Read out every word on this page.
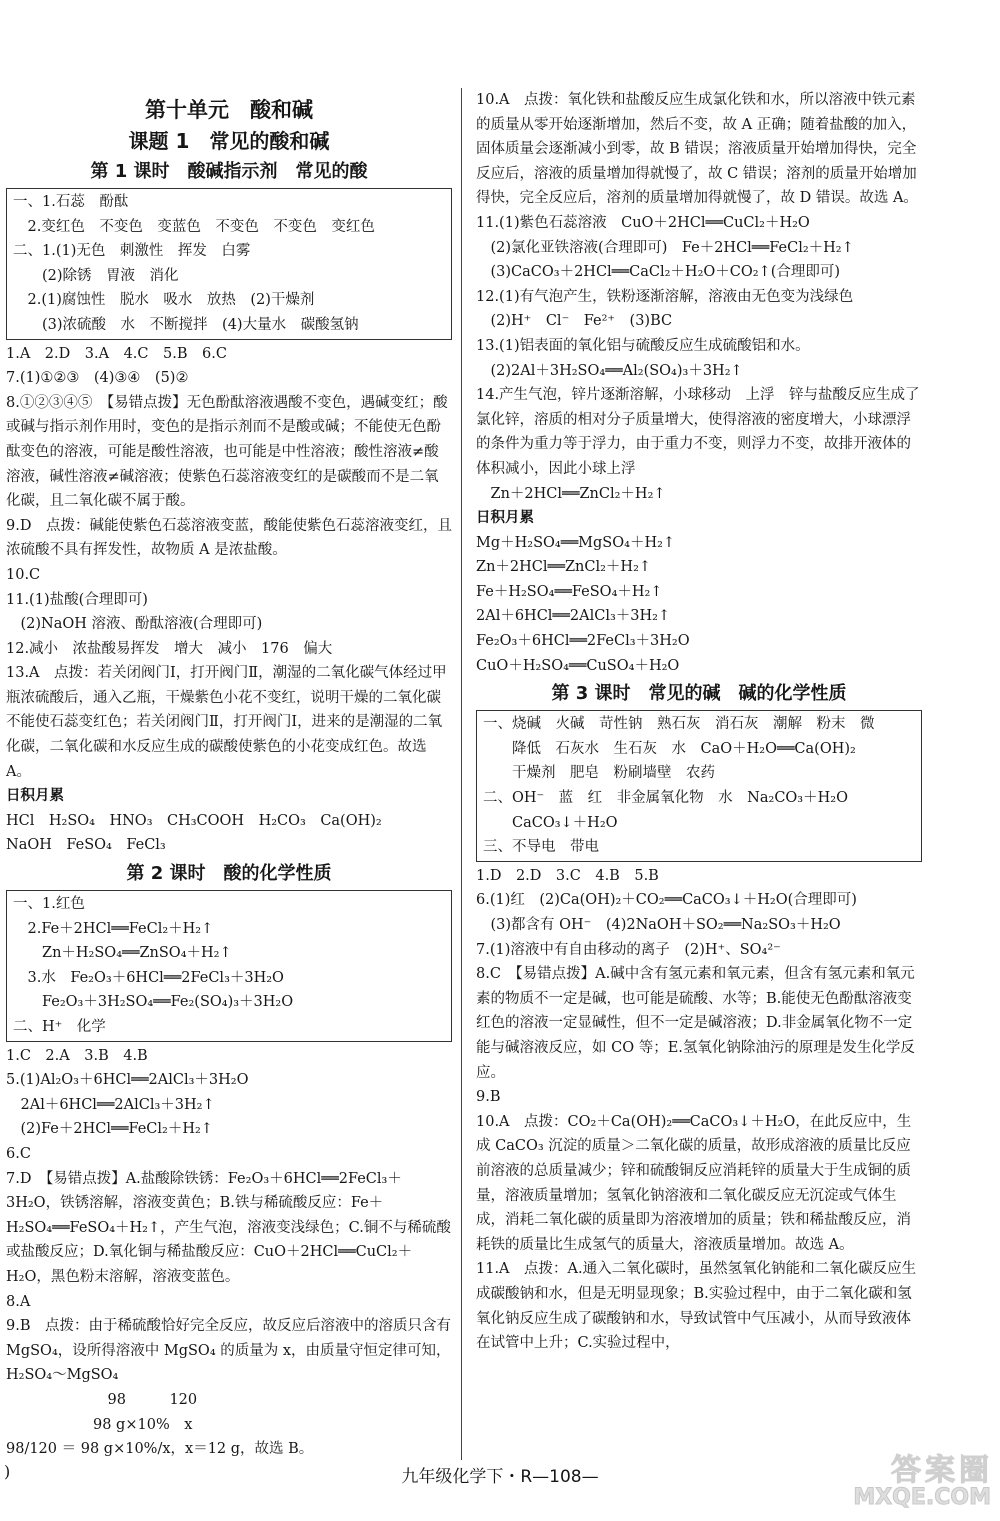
第十单元　酸和碱
课题 1　常见的酸和碱
第 1 课时　酸碱指示剂　常见的酸

一、1.石蕊　酚酞

　2.变红色　不变色　变蓝色　不变色　不变色　变红色

二、1.(1)无色　刺激性　挥发　白雾

　　(2)除锈　胃液　消化

　2.(1)腐蚀性　脱水　吸水　放热　(2)干燥剂

　　(3)浓硫酸　水　不断搅拌　(4)大量水　碳酸氢钠

1.A　2.D　3.A　4.C　5.B　6.C

7.(1)①②③　(4)③④　(5)②

8.①②③④⑤　【易错点拨】无色酚酞溶液遇酸不变色，遇碱变红；酸或碱与指示剂作用时，变色的是指示剂而不是酸或碱；不能使无色酚酞变色的溶液，可能是酸性溶液，也可能是中性溶液；酸性溶液≠酸溶液，碱性溶液≠碱溶液；使紫色石蕊溶液变红的是碳酸而不是二氧化碳，且二氧化碳不属于酸。

9.D　点拨：碱能使紫色石蕊溶液变蓝，酸能使紫色石蕊溶液变红，且浓硫酸不具有挥发性，故物质 A 是浓盐酸。

10.C

11.(1)盐酸(合理即可)

　(2)NaOH 溶液、酚酞溶液(合理即可)

12.减小　浓盐酸易挥发　增大　减小　176　偏大

13.A　点拨：若关闭阀门Ⅰ，打开阀门Ⅱ，潮湿的二氧化碳气体经过甲瓶浓硫酸后，通入乙瓶，干燥紫色小花不变红，说明干燥的二氧化碳不能使石蕊变红色；若关闭阀门Ⅱ，打开阀门Ⅰ，进来的是潮湿的二氧化碳，二氧化碳和水反应生成的碳酸使紫色的小花变成红色。故选 A。

日积月累

HCl　H₂SO₄　HNO₃　CH₃COOH　H₂CO₃　Ca(OH)₂

NaOH　FeSO₄　FeCl₃

第 2 课时　酸的化学性质

一、1.红色

　2.Fe＋2HCl══FeCl₂＋H₂↑

　　Zn＋H₂SO₄══ZnSO₄＋H₂↑

　3.水　Fe₂O₃＋6HCl══2FeCl₃＋3H₂O

　　Fe₂O₃＋3H₂SO₄══Fe₂(SO₄)₃＋3H₂O

二、H⁺　化学

1.C　2.A　3.B　4.B

5.(1)Al₂O₃＋6HCl══2AlCl₃＋3H₂O

　2Al＋6HCl══2AlCl₃＋3H₂↑

　(2)Fe＋2HCl══FeCl₂＋H₂↑

6.C

7.D　【易错点拨】A.盐酸除铁锈：Fe₂O₃＋6HCl══2FeCl₃＋3H₂O，铁锈溶解，溶液变黄色；B.铁与稀硫酸反应：Fe＋H₂SO₄══FeSO₄＋H₂↑，产生气泡，溶液变浅绿色；C.铜不与稀硫酸或盐酸反应；D.氧化铜与稀盐酸反应：CuO＋2HCl══CuCl₂＋H₂O，黑色粉末溶解，溶液变蓝色。

8.A

9.B　点拨：由于稀硫酸恰好完全反应，故反应后溶液中的溶质只含有 MgSO₄，设所得溶液中 MgSO₄ 的质量为 x，由质量守恒定律可知，H₂SO₄～MgSO₄

　　　　　　　98　　　120

　　　　　　98 g×10%　x

98/120 ＝ 98 g×10%/x，x＝12 g，故选 B。

10.A　点拨：氧化铁和盐酸反应生成氯化铁和水，所以溶液中铁元素的质量从零开始逐渐增加，然后不变，故 A 正确；随着盐酸的加入，固体质量会逐渐减小到零，故 B 错误；溶液质量开始增加得快，完全反应后，溶液的质量增加得就慢了，故 C 错误；溶剂的质量开始增加得快，完全反应后，溶剂的质量增加得就慢了，故 D 错误。故选 A。

11.(1)紫色石蕊溶液　CuO＋2HCl══CuCl₂＋H₂O

　(2)氯化亚铁溶液(合理即可)　Fe＋2HCl══FeCl₂＋H₂↑

　(3)CaCO₃＋2HCl══CaCl₂＋H₂O＋CO₂↑(合理即可)

12.(1)有气泡产生，铁粉逐渐溶解，溶液由无色变为浅绿色

　(2)H⁺　Cl⁻　Fe²⁺　(3)BC

13.(1)铝表面的氧化铝与硫酸反应生成硫酸铝和水。

　(2)2Al＋3H₂SO₄══Al₂(SO₄)₃＋3H₂↑

14.产生气泡，锌片逐渐溶解，小球移动　上浮　锌与盐酸反应生成了氯化锌，溶质的相对分子质量增大，使得溶液的密度增大，小球漂浮的条件为重力等于浮力，由于重力不变，则浮力不变，故排开液体的体积减小，因此小球上浮

　Zn＋2HCl══ZnCl₂＋H₂↑

日积月累

Mg＋H₂SO₄══MgSO₄＋H₂↑

Zn＋2HCl══ZnCl₂＋H₂↑

Fe＋H₂SO₄══FeSO₄＋H₂↑

2Al＋6HCl══2AlCl₃＋3H₂↑

Fe₂O₃＋6HCl══2FeCl₃＋3H₂O

CuO＋H₂SO₄══CuSO₄＋H₂O

第 3 课时　常见的碱　碱的化学性质

一、烧碱　火碱　苛性钠　熟石灰　消石灰　潮解　粉末　微

　　降低　石灰水　生石灰　水　CaO＋H₂O══Ca(OH)₂

　　干燥剂　肥皂　粉刷墙壁　农药

二、OH⁻　蓝　红　非金属氧化物　水　Na₂CO₃＋H₂O

　　CaCO₃↓＋H₂O

三、不导电　带电

1.D　2.D　3.C　4.B　5.B

6.(1)红　(2)Ca(OH)₂＋CO₂══CaCO₃↓＋H₂O(合理即可)

　(3)都含有 OH⁻　(4)2NaOH＋SO₂══Na₂SO₃＋H₂O

7.(1)溶液中有自由移动的离子　(2)H⁺、SO₄²⁻

8.C　【易错点拨】A.碱中含有氢元素和氧元素，但含有氢元素和氧元素的物质不一定是碱，也可能是硫酸、水等；B.能使无色酚酞溶液变红色的溶液一定显碱性，但不一定是碱溶液；D.非金属氧化物不一定能与碱溶液反应，如 CO 等；E.氢氧化钠除油污的原理是发生化学反应。

9.B

10.A　点拨：CO₂＋Ca(OH)₂══CaCO₃↓＋H₂O，在此反应中，生成 CaCO₃ 沉淀的质量＞二氧化碳的质量，故形成溶液的质量比反应前溶液的总质量减少；锌和硫酸铜反应消耗锌的质量大于生成铜的质量，溶液质量增加；氢氧化钠溶液和二氧化碳反应无沉淀或气体生成，消耗二氧化碳的质量即为溶液增加的质量；铁和稀盐酸反应，消耗铁的质量比生成氢气的质量大，溶液质量增加。故选 A。

11.A　点拨：A.通入二氧化碳时，虽然氢氧化钠能和二氧化碳反应生成碳酸钠和水，但是无明显现象；B.实验过程中，由于二氧化碳和氢氧化钠反应生成了碳酸钠和水，导致试管中气压减小，从而导致液体在试管中上升；C.实验过程中，

)	九年级化学下・R—108—	答案圈
MXQE.COM
